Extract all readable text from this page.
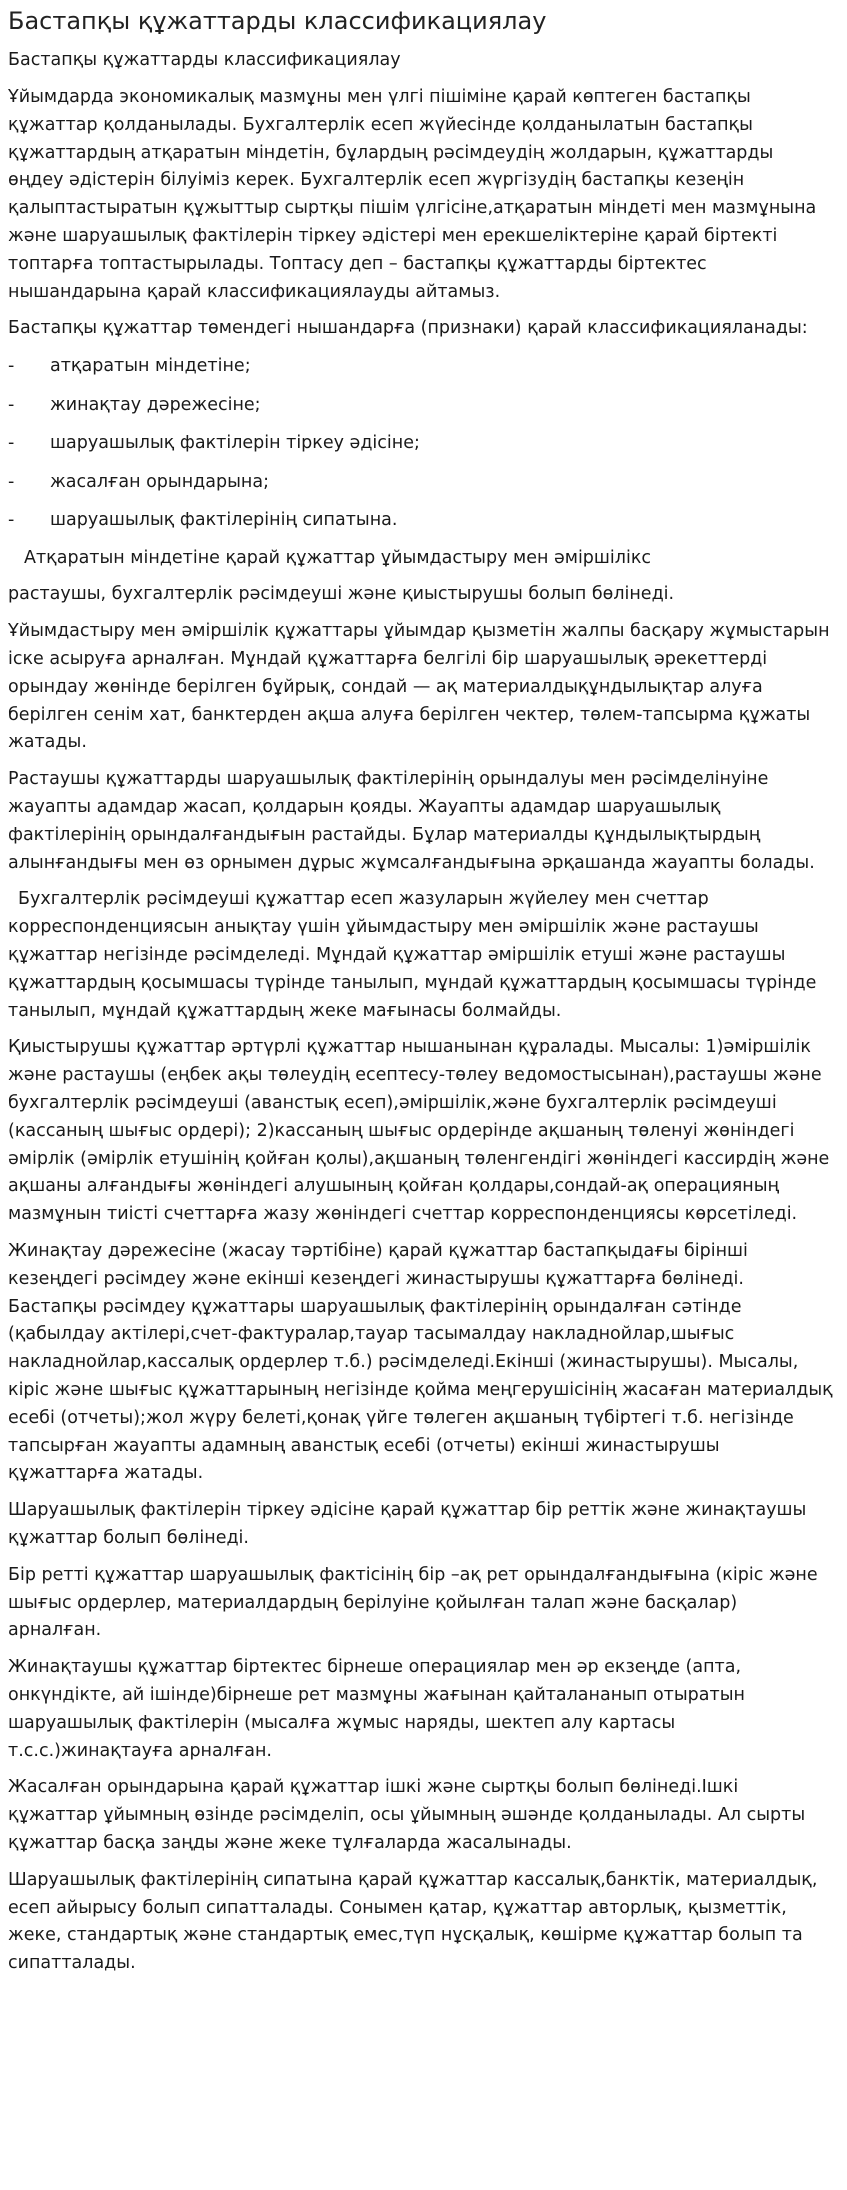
Бастапқы құжаттарды классификациялау

Бастапқы құжаттарды классификациялау

Ұйымдарда экономикалық мазмұны мен үлгі пішіміне қарай көптеген бастапқы құжаттар қолданылады. Бухгалтерлік есеп жүйесінде қолданылатын бастапқы құжаттардың атқаратын міндетін, бұлардың рәсімдеудің жолдарын, құжаттарды өңдеу әдістерін білуіміз керек. Бухгалтерлік есеп жүргізудің бастапқы кезеңін қалыптастыратын құжыттыр сыртқы пішім үлгісіне,атқаратын міндеті мен мазмұнына және шаруашылық фактілерін тіркеу әдістері мен ерекшеліктеріне қарай біртекті топтарға топтастырылады. Топтасу деп – бастапқы құжаттарды біртектес нышандарына қарай классификациялауды айтамыз.

Бастапқы құжаттар төмендегі нышандарға (признаки) қарай классификацияланады:

-	атқаратын міндетіне;
-	жинақтау дәрежесіне;
-	шаруашылық фактілерін тіркеу әдісіне;
-	жасалған орындарына;
-	шаруашылық фактілерінің сипатына.

Атқаратын міндетіне қарай құжаттар ұйымдастыру мен әміршілікс

растаушы, бухгалтерлік рәсімдеуші және қиыстырушы болып бөлінеді.

Ұйымдастыру мен әміршілік құжаттары ұйымдар қызметін жалпы басқару жұмыстарын іске асыруға арналған. Мұндай құжаттарға белгілі бір шаруашылық әрекеттерді орындау жөнінде берілген бұйрық, сондай — ақ материалдықұндылықтар алуға берілген сенім хат, банктерден ақша алуға берілген чектер, төлем-тапсырма құжаты жатады.

Растаушы құжаттарды шаруашылық фактілерінің орындалуы мен рәсімделінуіне жауапты адамдар жасап, қолдарын қояды. Жауапты адамдар шаруашылық фактілерінің орындалғандығын растайды. Бұлар материалды құндылықтырдың алынғандығы мен өз орнымен дұрыс жұмсалғандығына әрқашанда жауапты болады.

Бухгалтерлік рәсімдеуші құжаттар есеп жазуларын жүйелеу мен счеттар корреспонденциясын анықтау үшін ұйымдастыру мен әміршілік және растаушы құжаттар негізінде рәсімделеді. Мұндай құжаттар әміршілік етуші және растаушы құжаттардың қосымшасы түрінде танылып, мұндай құжаттардың қосымшасы түрінде танылып, мұндай құжаттардың жеке мағынасы болмайды.

Қиыстырушы құжаттар әртүрлі құжаттар нышанынан құралады. Мысалы: 1)әміршілік және растаушы (еңбек ақы төлеудің есептесу-төлеу ведомостысынан),растаушы және бухгалтерлік рәсімдеуші (аванстық есеп),әміршілік,және бухгалтерлік рәсімдеуші (кассаның шығыс ордері); 2)кассаның шығыс ордерінде ақшаның төленуі жөніндегі әмірлік (әмірлік етушінің қойған қолы),ақшаның төленгендігі жөніндегі кассирдің және ақшаны алғандығы жөніндегі алушының қойған қолдары,сондай-ақ операцияның мазмұнын тиісті счеттарға жазу жөніндегі счеттар корреспонденциясы көрсетіледі.

Жинақтау дәрежесіне (жасау тәртібіне) қарай құжаттар бастапқыдағы бірінші кезеңдегі рәсімдеу және екінші кезеңдегі жинастырушы құжаттарға бөлінеді. Бастапқы рәсімдеу құжаттары шаруашылық фактілерінің орындалған сәтінде (қабылдау актілері,счет-фактуралар,тауар тасымалдау накладнойлар,шығыс накладнойлар,кассалық ордерлер т.б.) рәсімделеді.Екінші (жинастырушы). Мысалы, кіріс және шығыс құжаттарының негізінде қойма меңгерушісінің жасаған материалдық есебі (отчеты);жол жүру белеті,қонақ үйге төлеген ақшаның түбіртегі т.б. негізінде тапсырған жауапты адамның аванстық есебі (отчеты) екінші жинастырушы құжаттарға жатады.

Шаруашылық фактілерін тіркеу әдісіне қарай құжаттар бір реттік және жинақтаушы құжаттар болып бөлінеді.

Бір ретті құжаттар шаруашылық фактісінің бір –ақ рет орындалғандығына (кіріс және шығыс ордерлер, материалдардың берілуіне қойылған талап және басқалар) арналған.

Жинақтаушы құжаттар біртектес бірнеше операциялар мен әр екзеңде (апта, онкүндікте, ай ішінде)бірнеше рет мазмұны жағынан қайталананып отыратын шаруашылық фактілерін (мысалға жұмыс наряды, шектеп алу картасы т.с.с.)жинақтауға арналған.

Жасалған орындарына қарай құжаттар ішкі және сыртқы болып бөлінеді.Ішкі құжаттар ұйымның өзінде рәсімделіп, осы ұйымның әшәнде қолданылады. Ал сырты құжаттар басқа заңды және жеке тұлғаларда жасалынады.

Шаруашылық фактілерінің сипатына қарай құжаттар кассалық,банктік, материалдық, есеп айырысу болып сипатталады. Сонымен қатар, құжаттар авторлық, қызметтік, жеке, стандартық және стандартық емес,түп нұсқалық, көшірме құжаттар болып та сипатталады.
